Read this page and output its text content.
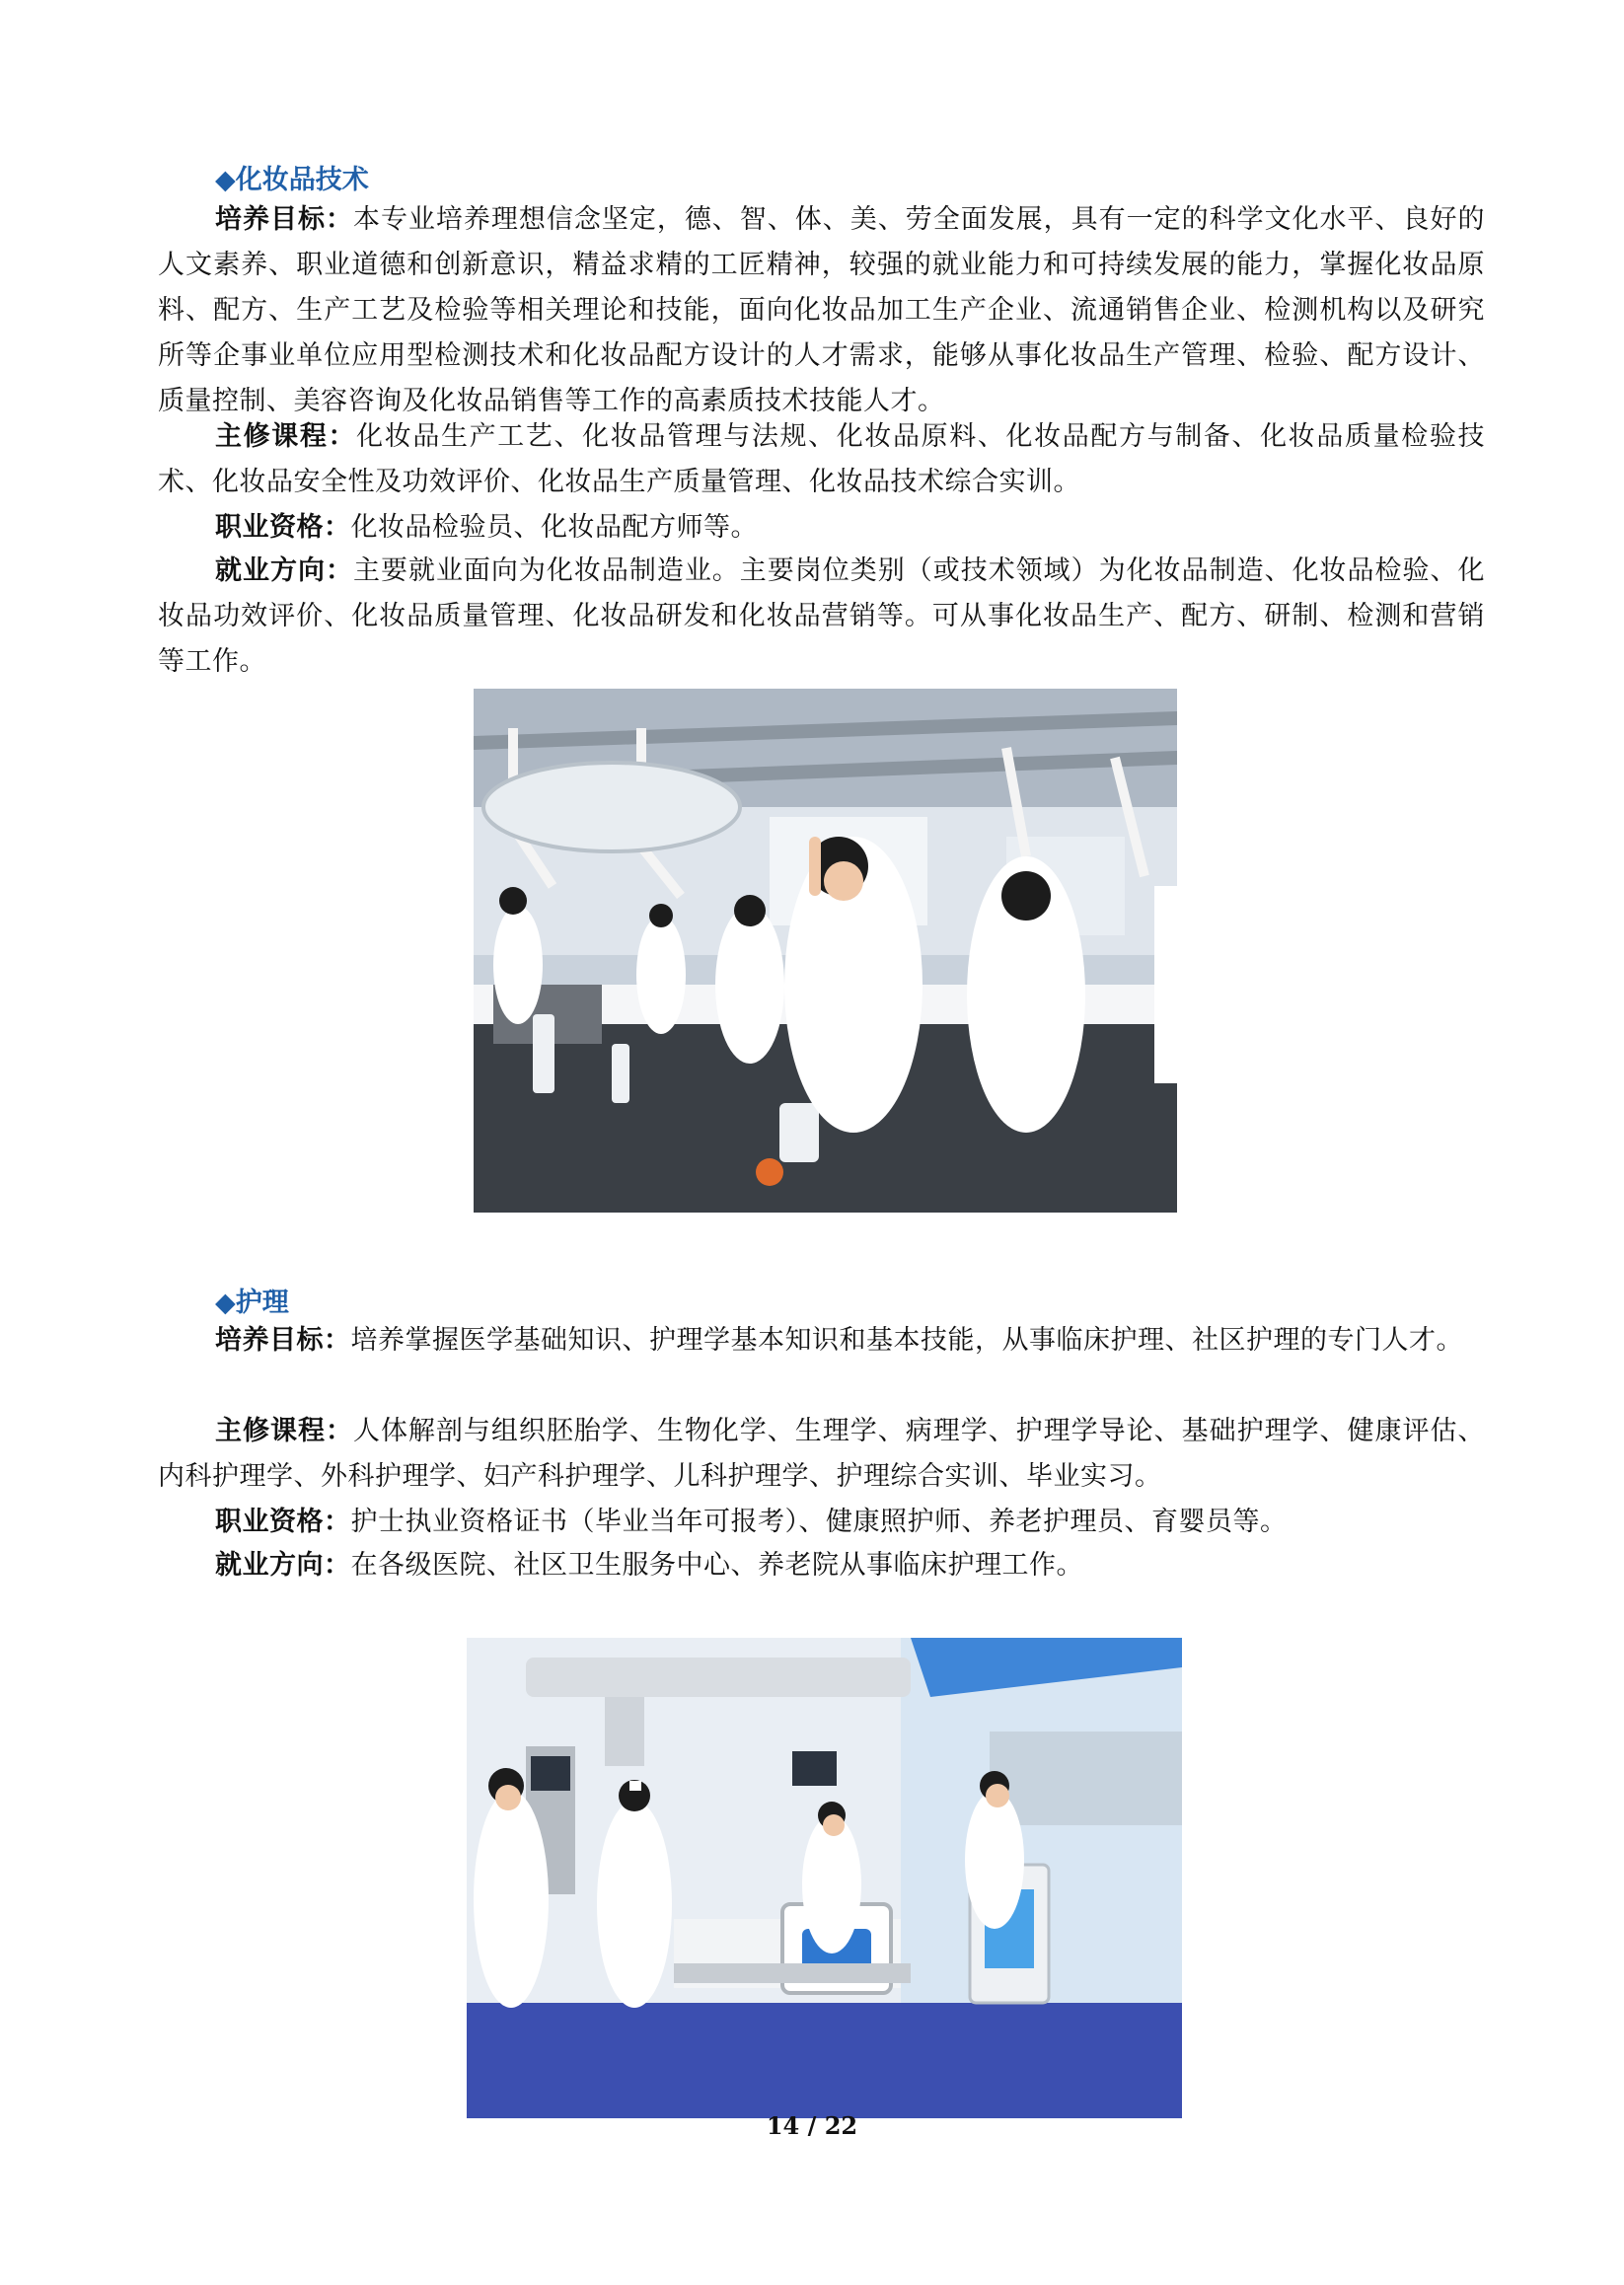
◆化妆品技术

培养目标：本专业培养理想信念坚定，德、智、体、美、劳全面发展，具有一定的科学文化水平、良好的人文素养、职业道德和创新意识，精益求精的工匠精神，较强的就业能力和可持续发展的能力，掌握化妆品原料、配方、生产工艺及检验等相关理论和技能，面向化妆品加工生产企业、流通销售企业、检测机构以及研究所等企事业单位应用型检测技术和化妆品配方设计的人才需求，能够从事化妆品生产管理、检验、配方设计、质量控制、美容咨询及化妆品销售等工作的高素质技术技能人才。

主修课程：化妆品生产工艺、化妆品管理与法规、化妆品原料、化妆品配方与制备、化妆品质量检验技术、化妆品安全性及功效评价、化妆品生产质量管理、化妆品技术综合实训。

职业资格：化妆品检验员、化妆品配方师等。

就业方向：主要就业面向为化妆品制造业。主要岗位类别（或技术领域）为化妆品制造、化妆品检验、化妆品功效评价、化妆品质量管理、化妆品研发和化妆品营销等。可从事化妆品生产、配方、研制、检测和营销等工作。

◆护理

培养目标：培养掌握医学基础知识、护理学基本知识和基本技能，从事临床护理、社区护理的专门人才。

主修课程：人体解剖与组织胚胎学、生物化学、生理学、病理学、护理学导论、基础护理学、健康评估、内科护理学、外科护理学、妇产科护理学、儿科护理学、护理综合实训、毕业实习。

职业资格：护士执业资格证书（毕业当年可报考）、健康照护师、养老护理员、育婴员等。

就业方向：在各级医院、社区卫生服务中心、养老院从事临床护理工作。

14 / 22
